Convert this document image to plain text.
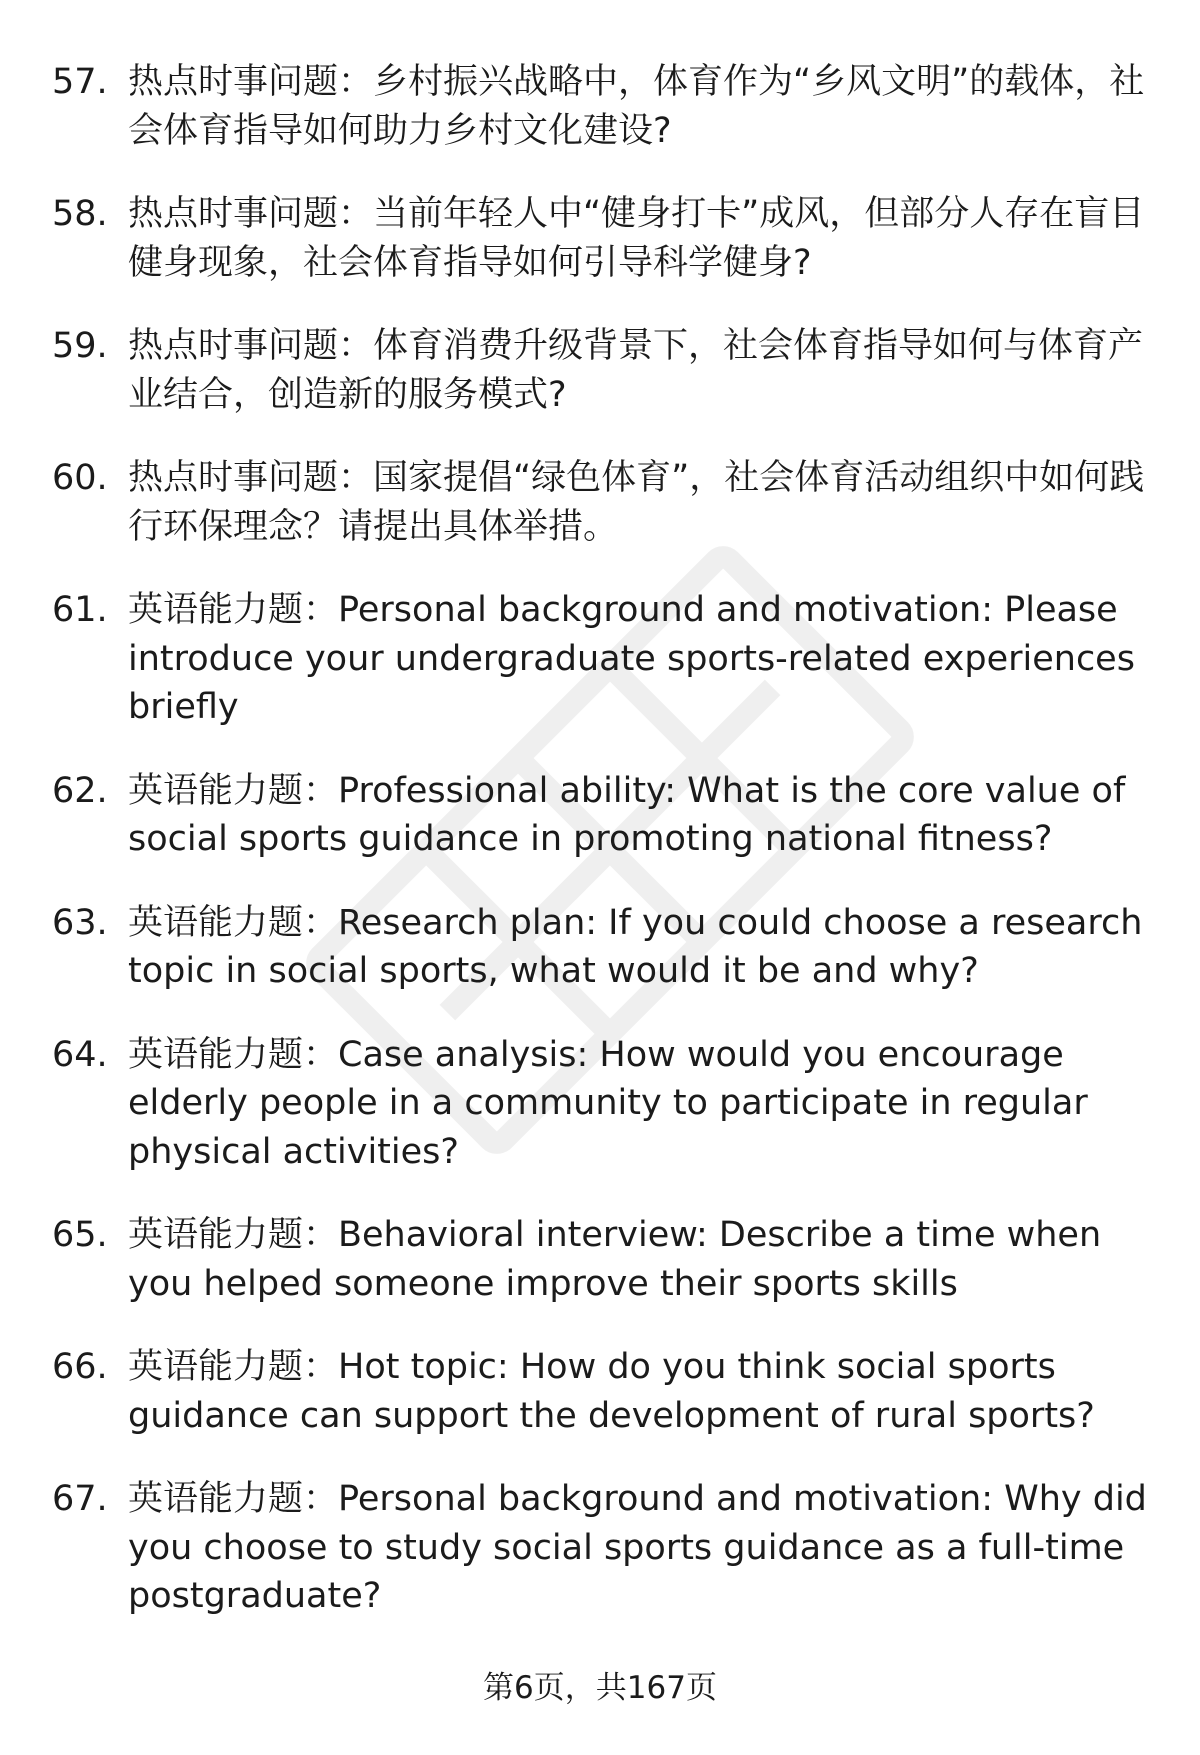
57. 热点时事问题：乡村振兴战略中，体育作为“乡风文明”的载体，社会体育指导如何助力乡村文化建设?
58. 热点时事问题：当前年轻人中“健身打卡”成风，但部分人存在盲目健身现象，社会体育指导如何引导科学健身?
59. 热点时事问题：体育消费升级背景下，社会体育指导如何与体育产业结合，创造新的服务模式?
60. 热点时事问题：国家提倡“绿色体育”，社会体育活动组织中如何践行环保理念？请提出具体举措。
61. 英语能力题：Personal background and motivation: Please introduce your undergraduate sports-related experiences briefly
62. 英语能力题：Professional ability: What is the core value of social sports guidance in promoting national fitness?
63. 英语能力题：Research plan: If you could choose a research topic in social sports, what would it be and why?
64. 英语能力题：Case analysis: How would you encourage elderly people in a community to participate in regular physical activities?
65. 英语能力题：Behavioral interview: Describe a time when you helped someone improve their sports skills
66. 英语能力题：Hot topic: How do you think social sports guidance can support the development of rural sports?
67. 英语能力题：Personal background and motivation: Why did you choose to study social sports guidance as a full-time postgraduate?
第6页，共167页
